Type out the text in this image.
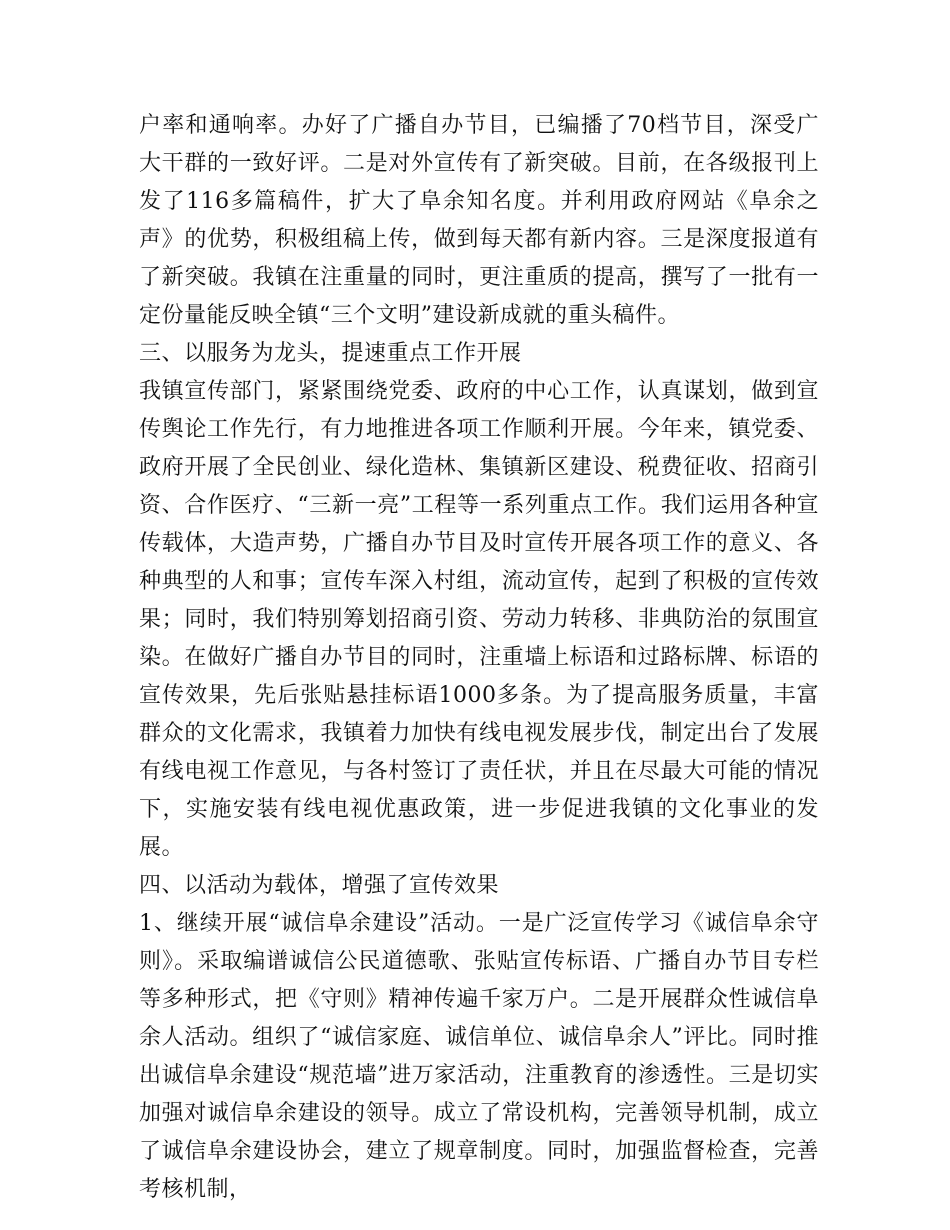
户率和通响率。办好了广播自办节目，已编播了70档节目，深受广大干群的一致好评。二是对外宣传有了新突破。目前，在各级报刊上发了116多篇稿件，扩大了阜余知名度。并利用政府网站《阜余之声》的优势，积极组稿上传，做到每天都有新内容。三是深度报道有了新突破。我镇在注重量的同时，更注重质的提高，撰写了一批有一定份量能反映全镇“三个文明”建设新成就的重头稿件。

三、以服务为龙头，提速重点工作开展

我镇宣传部门，紧紧围绕党委、政府的中心工作，认真谋划，做到宣传舆论工作先行，有力地推进各项工作顺利开展。今年来，镇党委、政府开展了全民创业、绿化造林、集镇新区建设、税费征收、招商引资、合作医疗、“三新一亮”工程等一系列重点工作。我们运用各种宣传载体，大造声势，广播自办节目及时宣传开展各项工作的意义、各种典型的人和事；宣传车深入村组，流动宣传，起到了积极的宣传效果；同时，我们特别筹划招商引资、劳动力转移、非典防治的氛围宣染。在做好广播自办节目的同时，注重墙上标语和过路标牌、标语的宣传效果，先后张贴悬挂标语1000多条。为了提高服务质量，丰富群众的文化需求，我镇着力加快有线电视发展步伐，制定出台了发展有线电视工作意见，与各村签订了责任状，并且在尽最大可能的情况下，实施安装有线电视优惠政策，进一步促进我镇的文化事业的发展。

四、以活动为载体，增强了宣传效果

1、继续开展“诚信阜余建设”活动。一是广泛宣传学习《诚信阜余守则》。采取编谱诚信公民道德歌、张贴宣传标语、广播自办节目专栏等多种形式，把《守则》精神传遍千家万户。二是开展群众性诚信阜余人活动。组织了“诚信家庭、诚信单位、诚信阜余人”评比。同时推出诚信阜余建设“规范墙”进万家活动，注重教育的渗透性。三是切实加强对诚信阜余建设的领导。成立了常设机构，完善领导机制，成立了诚信阜余建设协会，建立了规章制度。同时，加强监督检查，完善考核机制，
